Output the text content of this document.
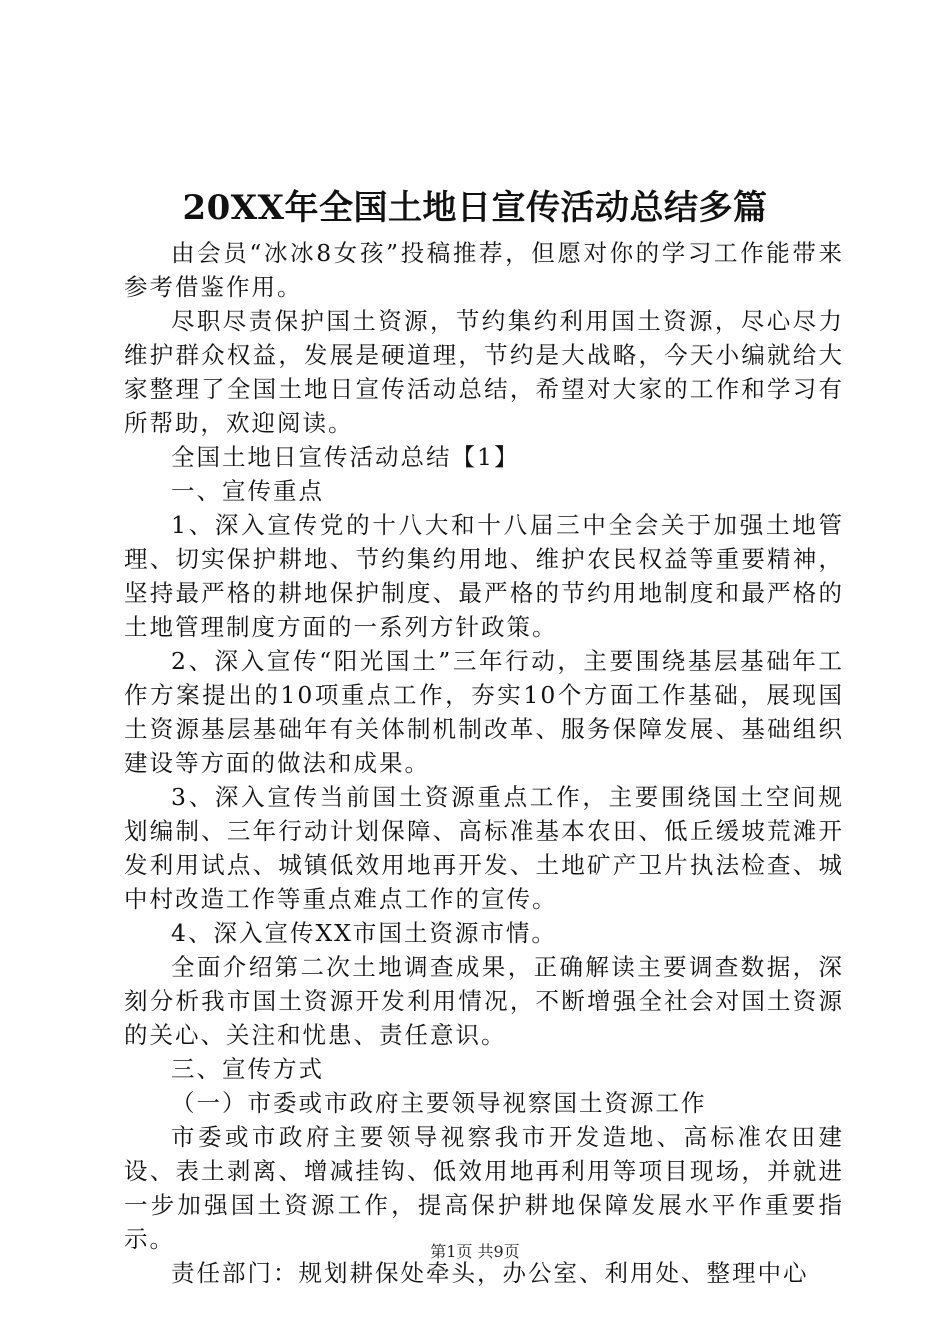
20XX年全国土地日宣传活动总结多篇

由会员“冰冰8女孩”投稿推荐，但愿对你的学习工作能带来参考借鉴作用。

尽职尽责保护国土资源，节约集约利用国土资源，尽心尽力维护群众权益，发展是硬道理，节约是大战略，今天小编就给大家整理了全国土地日宣传活动总结，希望对大家的工作和学习有所帮助，欢迎阅读。

全国土地日宣传活动总结【1】

一、宣传重点

1、深入宣传党的十八大和十八届三中全会关于加强土地管理、切实保护耕地、节约集约用地、维护农民权益等重要精神，坚持最严格的耕地保护制度、最严格的节约用地制度和最严格的土地管理制度方面的一系列方针政策。

2、深入宣传“阳光国土”三年行动，主要围绕基层基础年工作方案提出的10项重点工作，夯实10个方面工作基础，展现国土资源基层基础年有关体制机制改革、服务保障发展、基础组织建设等方面的做法和成果。

3、深入宣传当前国土资源重点工作，主要围绕国土空间规划编制、三年行动计划保障、高标准基本农田、低丘缓坡荒滩开发利用试点、城镇低效用地再开发、土地矿产卫片执法检查、城中村改造工作等重点难点工作的宣传。

4、深入宣传XX市国土资源市情。

全面介绍第二次土地调查成果，正确解读主要调查数据，深刻分析我市国土资源开发利用情况，不断增强全社会对国土资源的关心、关注和忧患、责任意识。

三、宣传方式

（一）市委或市政府主要领导视察国土资源工作

市委或市政府主要领导视察我市开发造地、高标准农田建设、表土剥离、增减挂钩、低效用地再利用等项目现场，并就进一步加强国土资源工作，提高保护耕地保障发展水平作重要指示。

责任部门：规划耕保处牵头，办公室、利用处、整理中心

第1页 共9页
